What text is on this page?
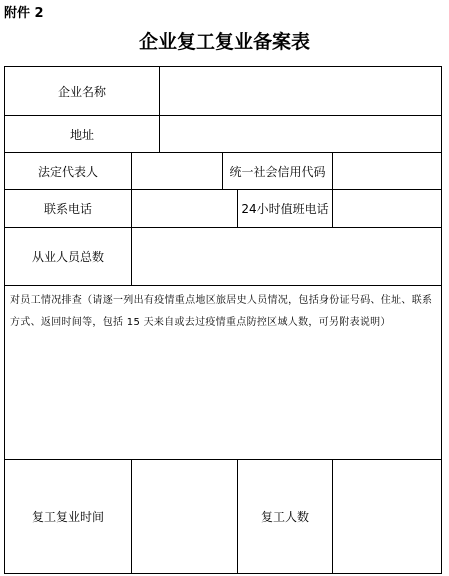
附件 2
企业复工复业备案表
企业名称
地址
法定代表人	统一社会信用代码
联系电话	24小时值班电话
从业人员总数
对员工情况排查（请逐一列出有疫情重点地区旅居史人员情况，包括身份证号码、住址、联系方式、返回时间等，包括 15 天来自或去过疫情重点防控区域人数，可另附表说明）
复工复业时间	复工人数
